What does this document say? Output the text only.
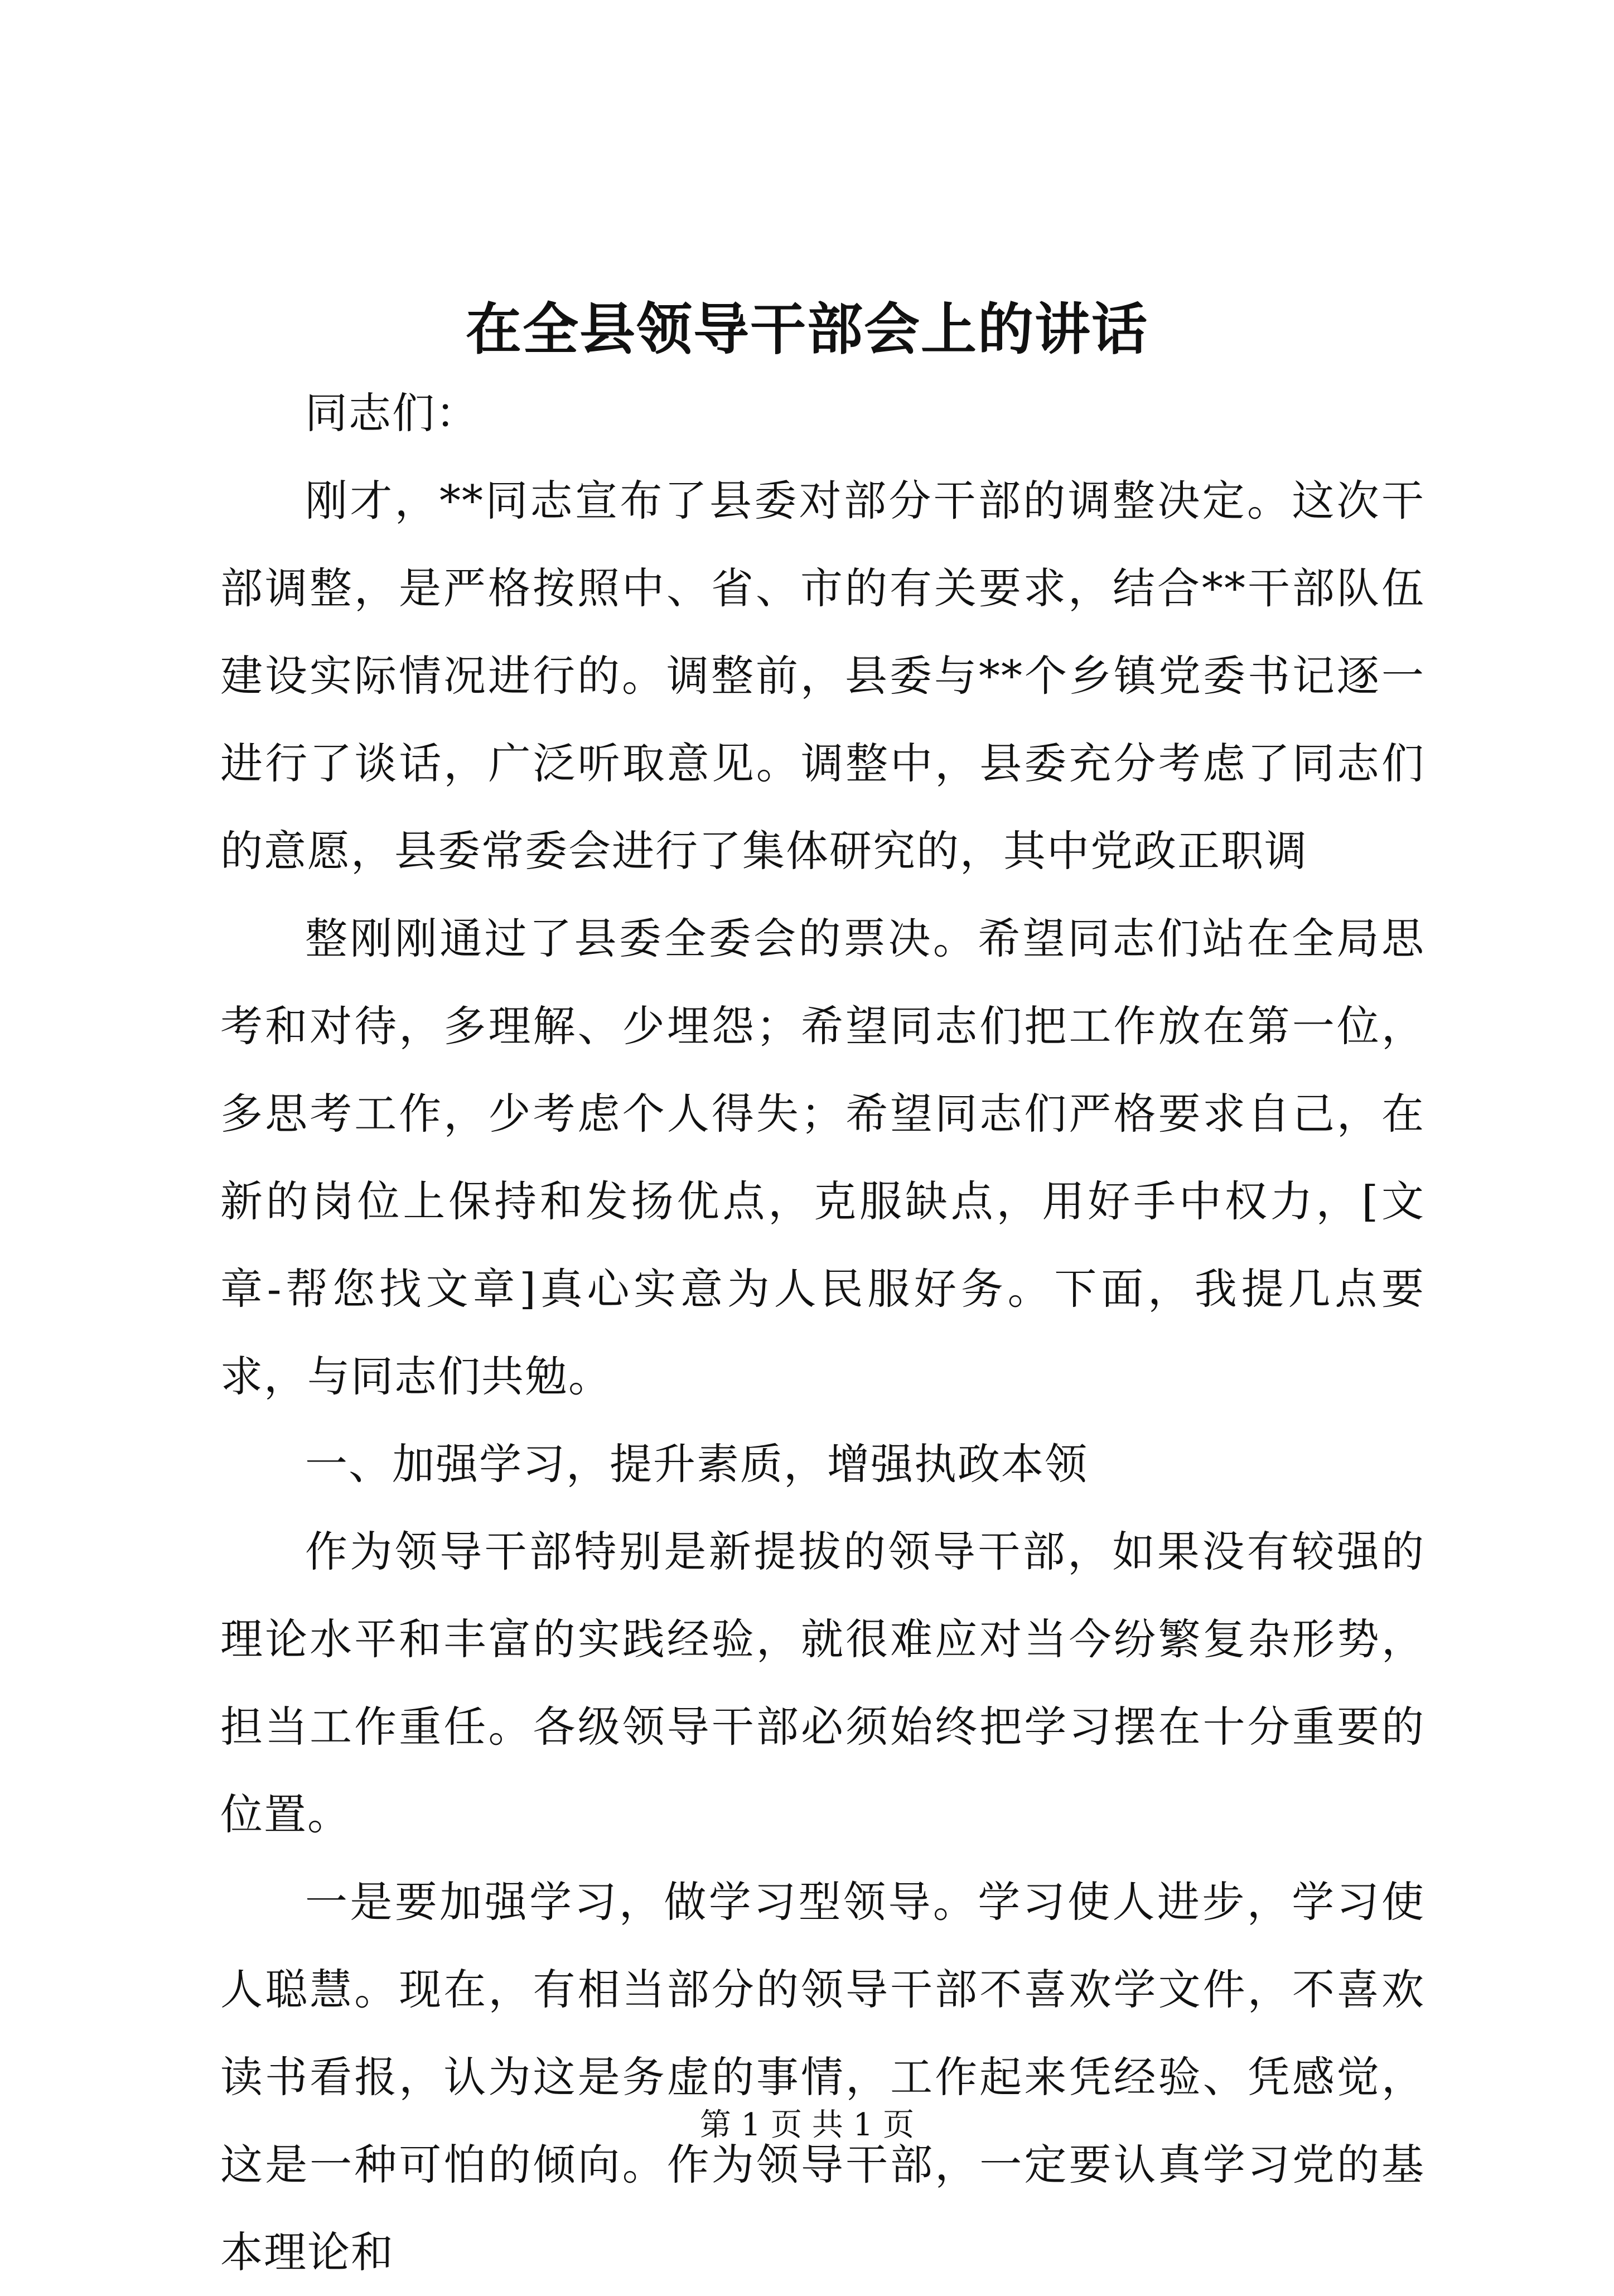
在全县领导干部会上的讲话

同志们：

刚才，**同志宣布了县委对部分干部的调整决定。这次干部调整，是严格按照中、省、市的有关要求，结合**干部队伍建设实际情况进行的。调整前，县委与**个乡镇党委书记逐一进行了谈话，广泛听取意见。调整中，县委充分考虑了同志们的意愿，县委常委会进行了集体研究的，其中党政正职调

整刚刚通过了县委全委会的票决。希望同志们站在全局思考和对待，多理解、少埋怨；希望同志们把工作放在第一位，多思考工作，少考虑个人得失；希望同志们严格要求自己，在新的岗位上保持和发扬优点，克服缺点，用好手中权力，[文章-帮您找文章]真心实意为人民服好务。下面，我提几点要求，与同志们共勉。

一、加强学习，提升素质，增强执政本领

作为领导干部特别是新提拔的领导干部，如果没有较强的理论水平和丰富的实践经验，就很难应对当今纷繁复杂形势，担当工作重任。各级领导干部必须始终把学习摆在十分重要的位置。

一是要加强学习，做学习型领导。学习使人进步，学习使人聪慧。现在，有相当部分的领导干部不喜欢学文件，不喜欢读书看报，认为这是务虚的事情，工作起来凭经验、凭感觉，这是一种可怕的倾向。作为领导干部，一定要认真学习党的基本理论和

第 1 页 共 1 页
